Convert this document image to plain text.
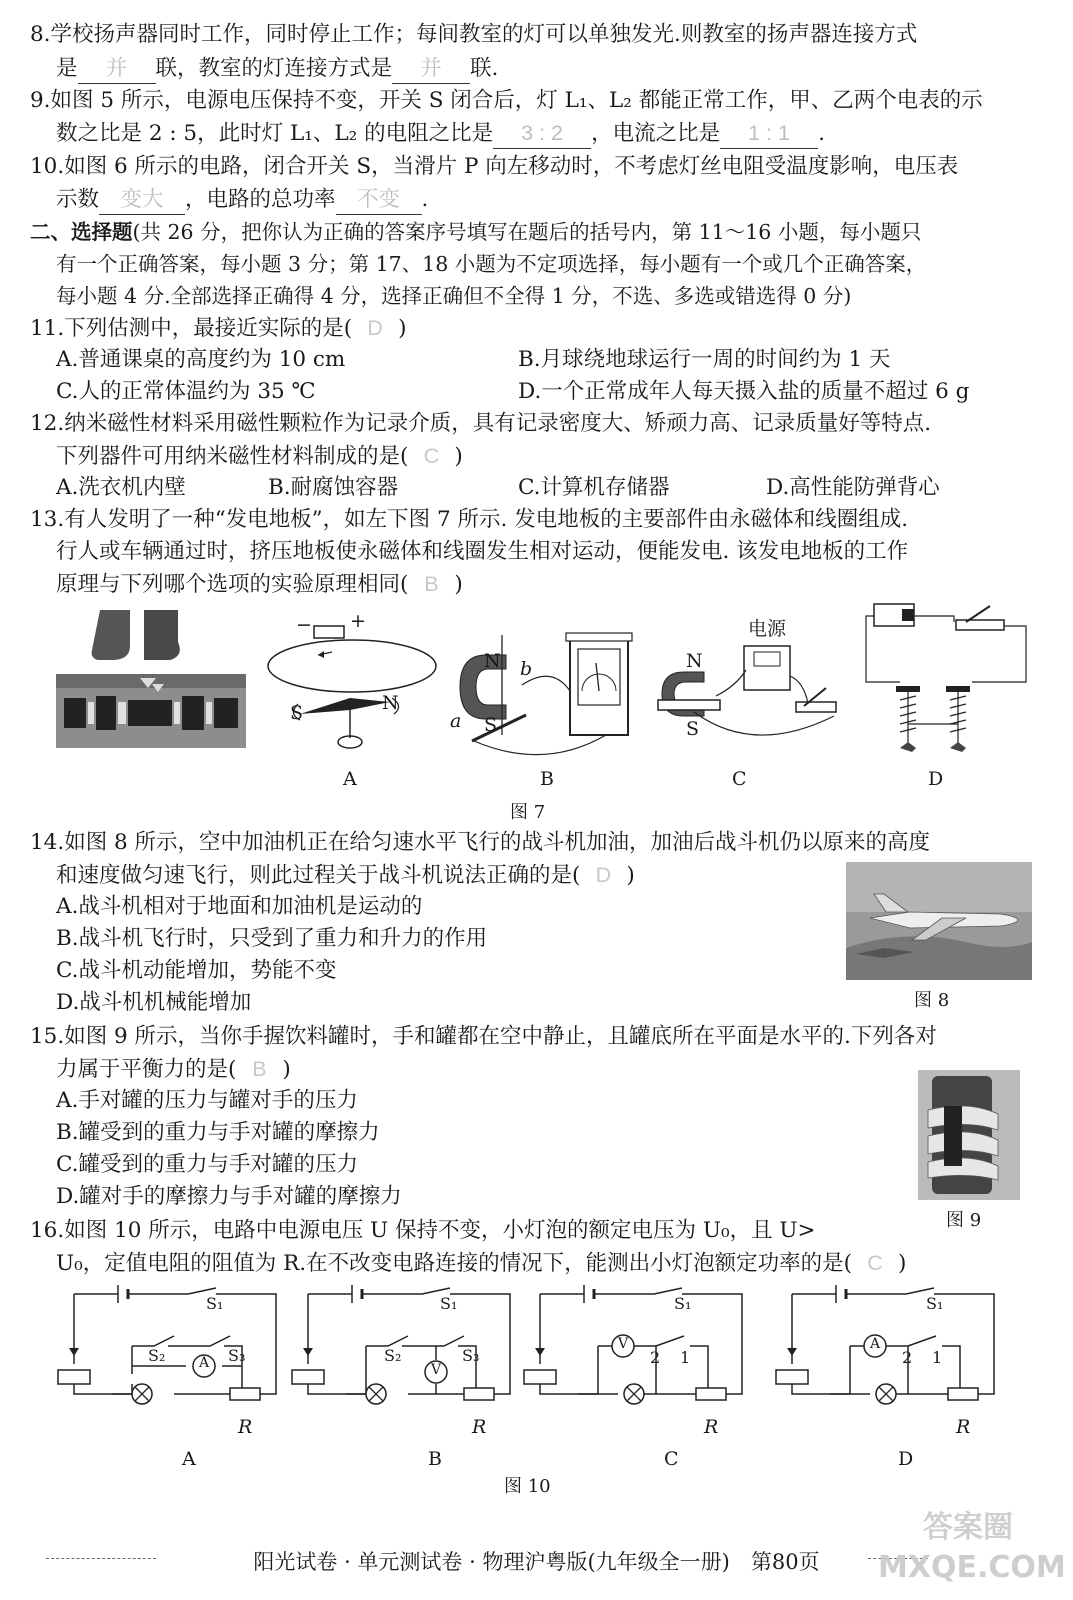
8.学校扬声器同时工作，同时停止工作；每间教室的灯可以单独发光.则教室的扬声器连接方式
是 并 联，教室的灯连接方式是 并 联.
9.如图 5 所示，电源电压保持不变，开关 S 闭合后，灯 L₁、L₂ 都能正常工作，甲、乙两个电表的示
数之比是 2 : 5，此时灯 L₁、L₂ 的电阻之比是 3 : 2 ，电流之比是 1 : 1 .
10.如图 6 所示的电路，闭合开关 S，当滑片 P 向左移动时，不考虑灯丝电阻受温度影响，电压表
示数 变大 ，电路的总功率 不变 .
二、选择题(共 26 分，把你认为正确的答案序号填写在题后的括号内，第 11～16 小题，每小题只
有一个正确答案，每小题 3 分；第 17、18 小题为不定项选择，每小题有一个或几个正确答案，
每小题 4 分.全部选择正确得 4 分，选择正确但不全得 1 分，不选、多选或错选得 0 分)
11.下列估测中，最接近实际的是( D )
A.普通课桌的高度约为 10 cm	B.月球绕地球运行一周的时间约为 1 天
C.人的正常体温约为 35 ℃	D.一个正常成年人每天摄入盐的质量不超过 6 g
12.纳米磁性材料采用磁性颗粒作为记录介质，具有记录密度大、矫顽力高、记录质量好等特点.
下列器件可用纳米磁性材料制成的是( C )
A.洗衣机内壁	B.耐腐蚀容器	C.计算机存储器	D.高性能防弹背心
13.有人发明了一种“发电地板”，如左下图 7 所示. 发电地板的主要部件由永磁体和线圈组成.
行人或车辆通过时，挤压地板使永磁体和线圈发生相对运动，便能发电. 该发电地板的工作
原理与下列哪个选项的实验原理相同( B )
− +
S	N
N
S
b
a
N
S
电源
A	B	C	D
图 7
14.如图 8 所示，空中加油机正在给匀速水平飞行的战斗机加油，加油后战斗机仍以原来的高度
和速度做匀速飞行，则此过程关于战斗机说法正确的是( D )
A.战斗机相对于地面和加油机是运动的
B.战斗机飞行时，只受到了重力和升力的作用
C.战斗机动能增加，势能不变
D.战斗机机械能增加	图 8
15.如图 9 所示，当你手握饮料罐时，手和罐都在空中静止，且罐底所在平面是水平的.下列各对
力属于平衡力的是( B )
A.手对罐的压力与罐对手的压力
B.罐受到的重力与手对罐的摩擦力
C.罐受到的重力与手对罐的压力
D.罐对手的摩擦力与手对罐的摩擦力
图 9
16.如图 10 所示，电路中电源电压 U 保持不变，小灯泡的额定电压为 U₀，且 U>
U₀，定值电阻的阻值为 R.在不改变电路连接的情况下，能测出小灯泡额定功率的是( C )
S₁
S₂	S₃
A
R
S₁
S₂	S₃
V
R
S₁
V
2 1
R
S₁
A
2 1
R
A	B	C	D
图 10
阳光试卷 · 单元测试卷 · 物理沪粤版(九年级全一册)　第80页
答案圈 MXQE.COM
